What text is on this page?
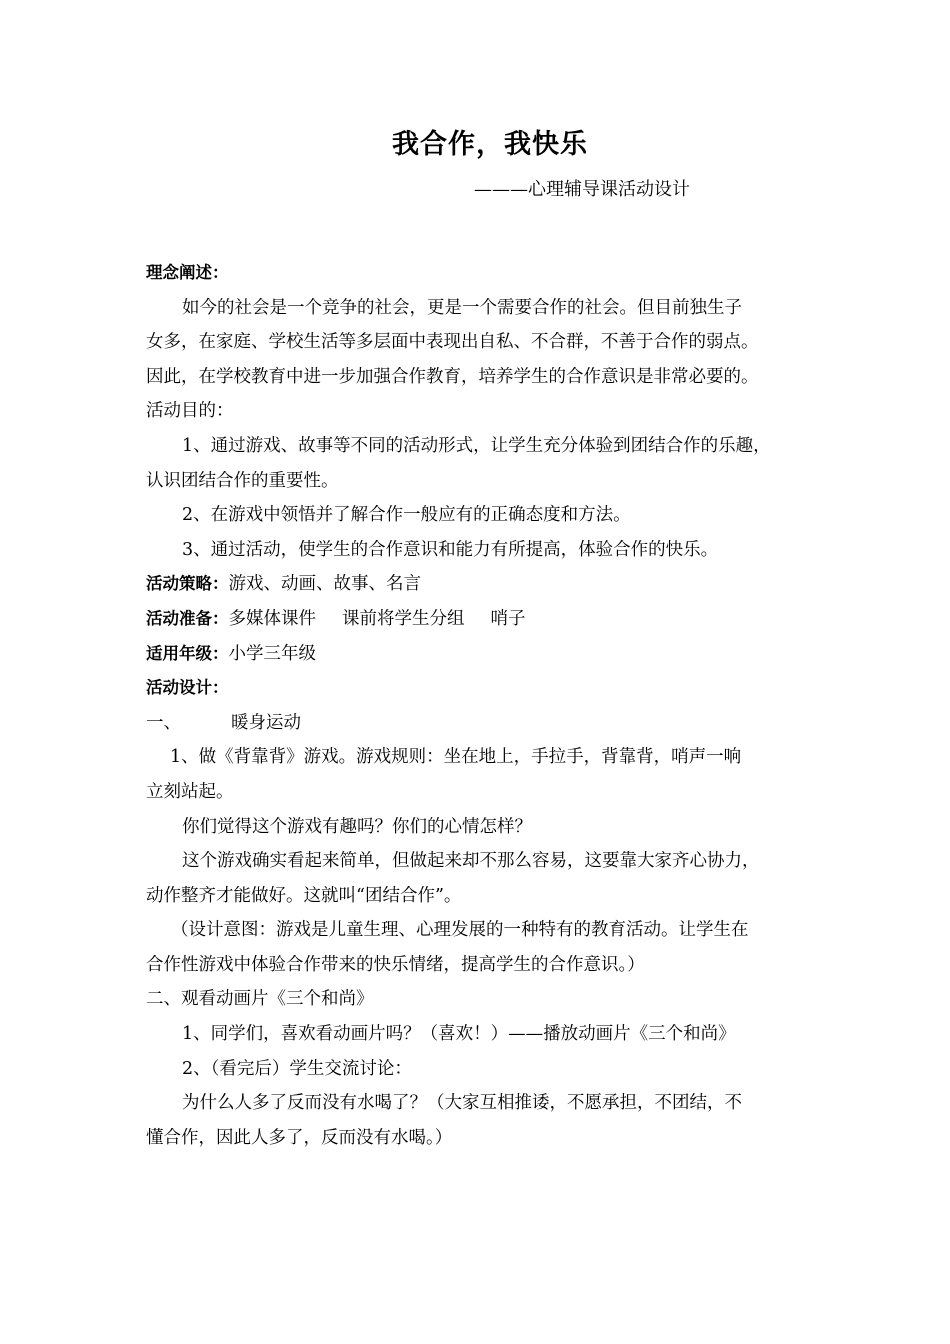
我合作，我快乐

———心理辅导课活动设计

理念阐述：
如今的社会是一个竞争的社会，更是一个需要合作的社会。但目前独生子
女多，在家庭、学校生活等多层面中表现出自私、不合群，不善于合作的弱点。
因此，在学校教育中进一步加强合作教育，培养学生的合作意识是非常必要的。
活动目的：
1、通过游戏、故事等不同的活动形式，让学生充分体验到团结合作的乐趣，
认识团结合作的重要性。
2、在游戏中领悟并了解合作一般应有的正确态度和方法。
3、通过活动，使学生的合作意识和能力有所提高，体验合作的快乐。
活动策略：游戏、动画、故事、名言
活动准备：多媒体课件 课前将学生分组 哨子
适用年级：小学三年级
活动设计：
一、	暖身运动
1、做《背靠背》游戏。游戏规则：坐在地上，手拉手，背靠背，哨声一响
立刻站起。
你们觉得这个游戏有趣吗？你们的心情怎样？
这个游戏确实看起来简单，但做起来却不那么容易，这要靠大家齐心协力，
动作整齐才能做好。这就叫“团结合作”。
（设计意图：游戏是儿童生理、心理发展的一种特有的教育活动。让学生在
合作性游戏中体验合作带来的快乐情绪，提高学生的合作意识。）
二、观看动画片《三个和尚》
1、同学们，喜欢看动画片吗？（喜欢！）——播放动画片《三个和尚》
2、（看完后）学生交流讨论：
为什么人多了反而没有水喝了？（大家互相推诿，不愿承担，不团结，不
懂合作，因此人多了，反而没有水喝。）
